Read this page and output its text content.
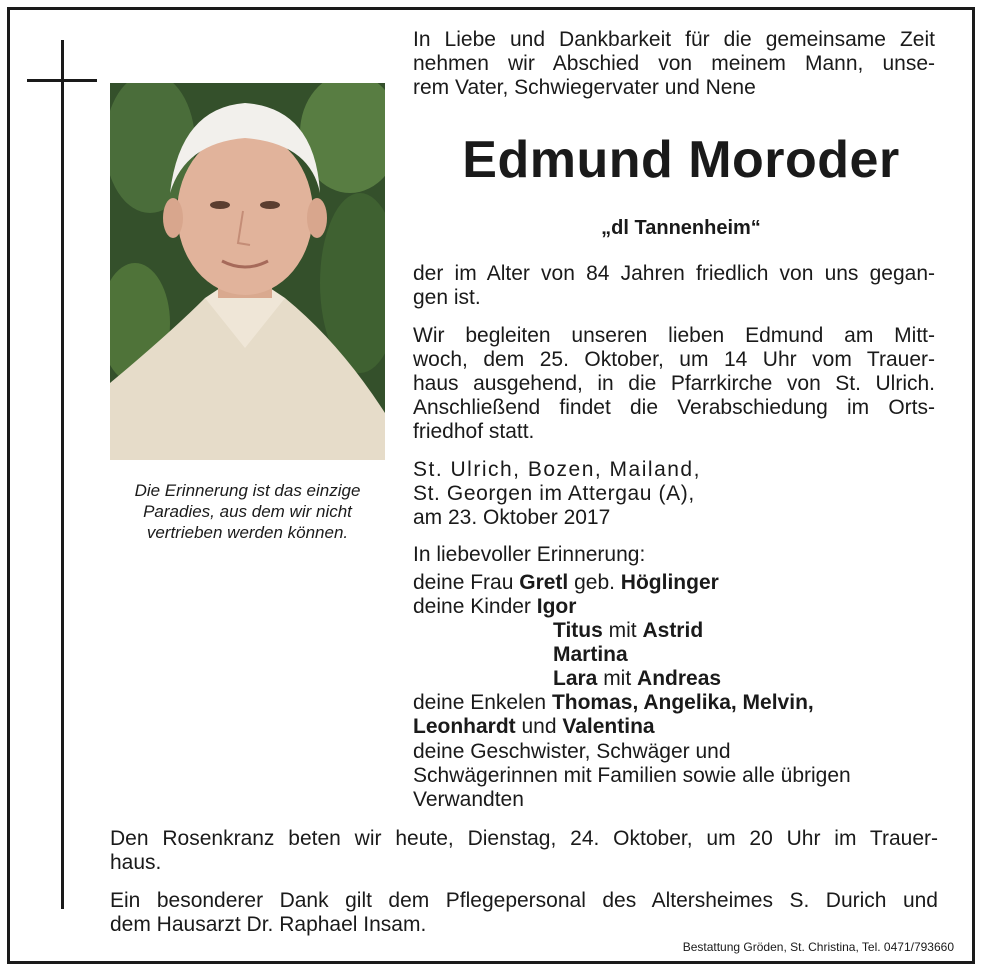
Die Erinnerung ist das einzige
Paradies, aus dem wir nicht
vertrieben werden können.
In Liebe und Dankbarkeit für die gemeinsame Zeit
nehmen wir Abschied von meinem Mann, unse-
rem Vater, Schwiegervater und Nene
Edmund Moroder
„dl Tannenheim“
der im Alter von 84 Jahren friedlich von uns gegan-
gen ist.
Wir begleiten unseren lieben Edmund am Mitt-
woch, dem 25. Oktober, um 14 Uhr vom Trauer-
haus ausgehend, in die Pfarrkirche von St. Ulrich.
Anschließend findet die Verabschiedung im Orts-
friedhof statt.
St. Ulrich, Bozen, Mailand,
St. Georgen im Attergau (A),
am 23. Oktober 2017
In liebevoller Erinnerung:
deine Frau Gretl geb. Höglinger
deine Kinder Igor
Titus mit Astrid
Martina
Lara mit Andreas
deine Enkelen Thomas, Angelika, Melvin,
Leonhardt und Valentina
deine Geschwister, Schwäger und
Schwägerinnen mit Familien sowie alle übrigen
Verwandten
Den Rosenkranz beten wir heute, Dienstag, 24. Oktober, um 20 Uhr im Trauer-
haus.
Ein besonderer Dank gilt dem Pflegepersonal des Altersheimes S. Durich und
dem Hausarzt Dr. Raphael Insam.
Bestattung Gröden, St. Christina, Tel. 0471/793660
